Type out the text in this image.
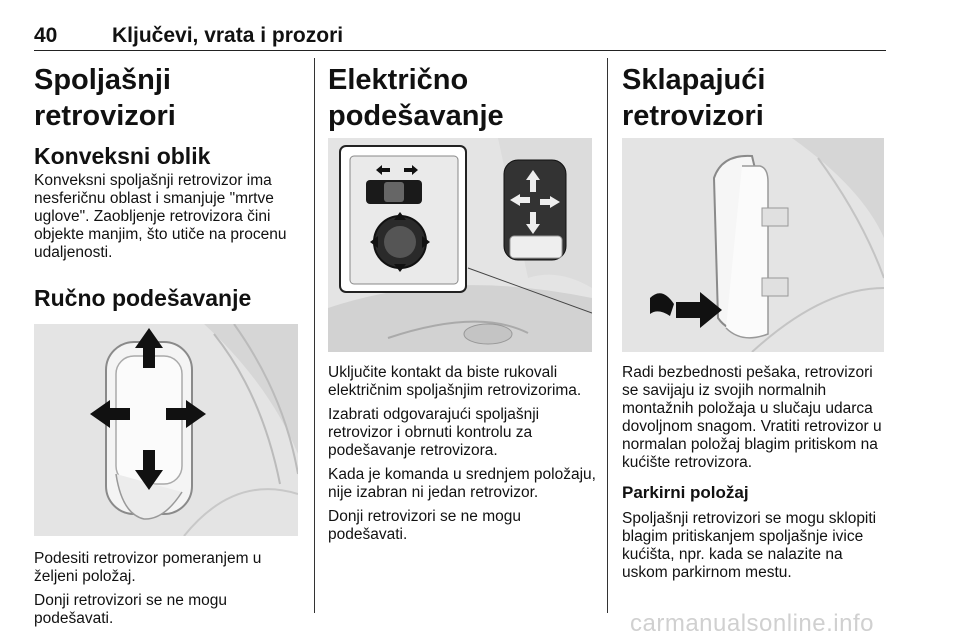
40	Ključevi, vrata i prozori
Spoljašnji retrovizori
Konveksni oblik

Konveksni spoljašnji retrovizor ima nesferičnu oblast i smanjuje "mrtve uglove". Zaobljenje retrovizora čini objekte manjim, što utiče na procenu udaljenosti.

Ručno podešavanje

Podesiti retrovizor pomeranjem u željeni položaj.

Donji retrovizori se ne mogu podešavati.

Električno podešavanje

Uključite kontakt da biste rukovali električnim spoljašnjim retrovizorima.

Izabrati odgovarajući spoljašnji retrovizor i obrnuti kontrolu za podešavanje retrovizora.

Kada je komanda u srednjem položaju, nije izabran ni jedan retrovizor.

Donji retrovizori se ne mogu podešavati.

Sklapajući retrovizori

Radi bezbednosti pešaka, retrovizori se savijaju iz svojih normalnih montažnih položaja u slučaju udarca dovoljnom snagom. Vratiti retrovizor u normalan položaj blagim pritiskom na kućište retrovizora.

Parkirni položaj

Spoljašnji retrovizori se mogu sklopiti blagim pritiskanjem spoljašnje ivice kućišta, npr. kada se nalazite na uskom parkirnom mestu.

carmanualsonline.info
